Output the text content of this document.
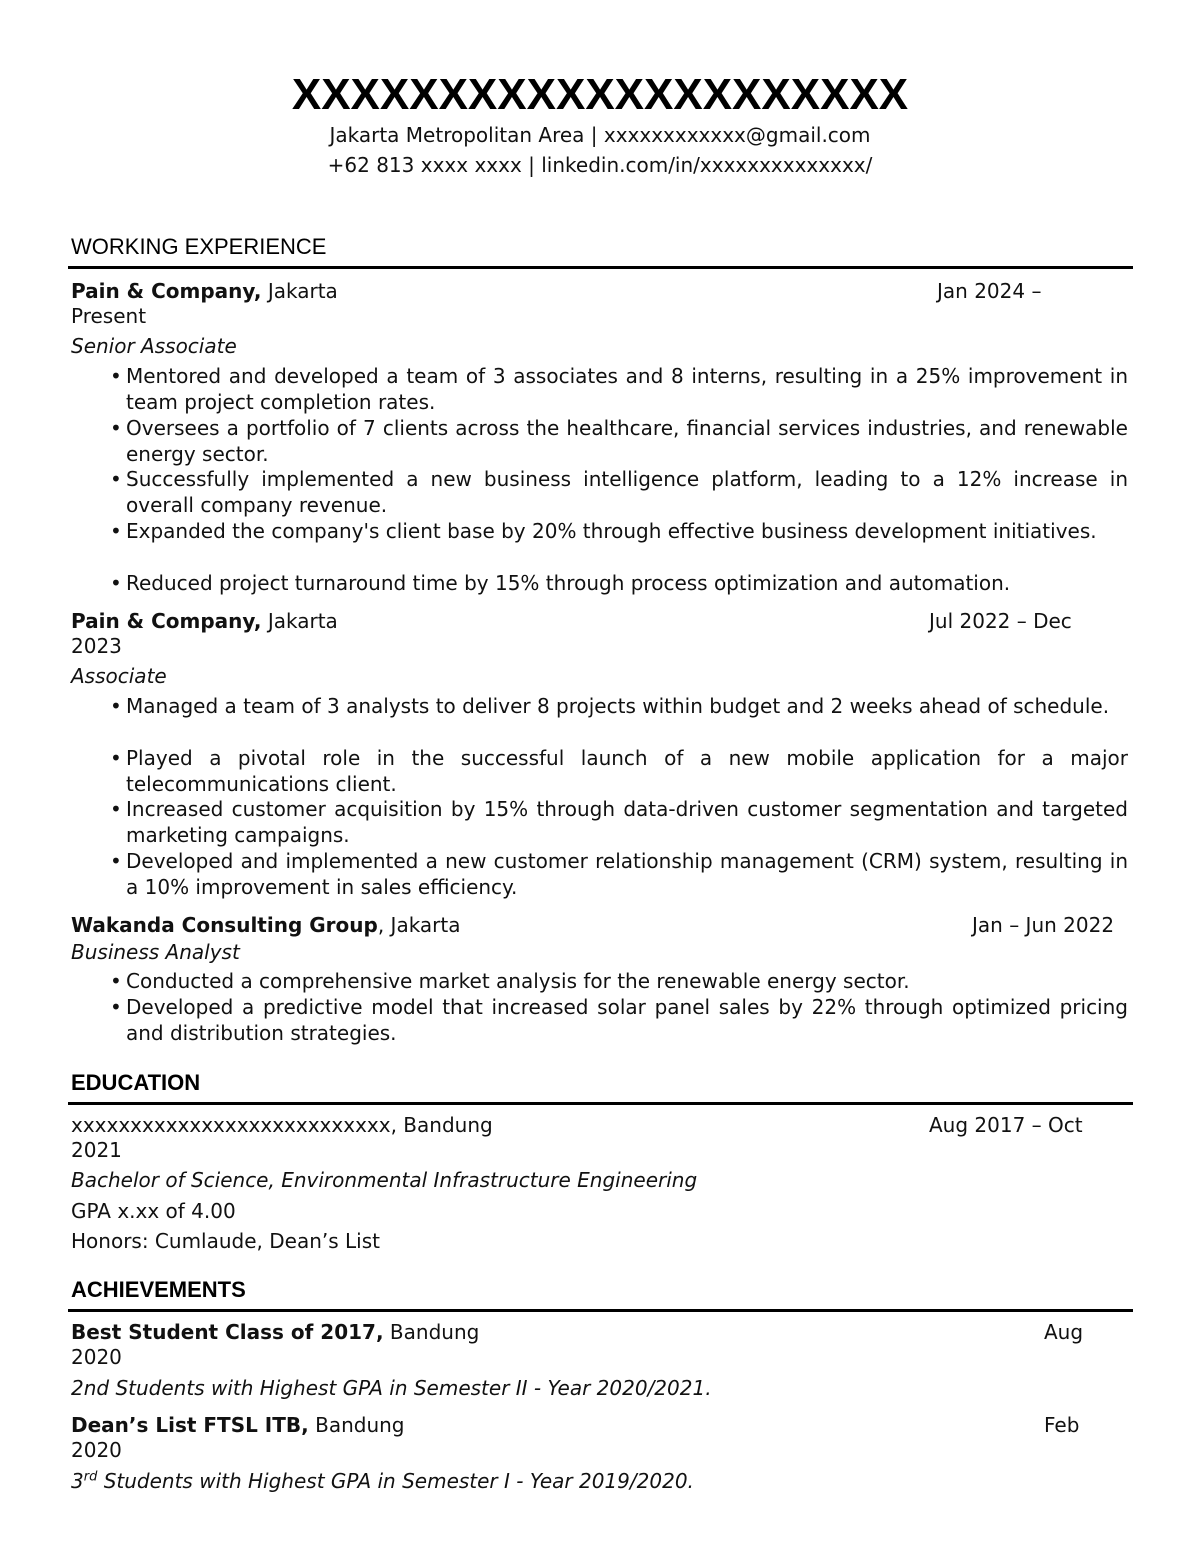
XXXXXXXXXXXXXXXXXXXXX
Jakarta Metropolitan Area | xxxxxxxxxxxx@gmail.com
+62 813 xxxx xxxx | linkedin.com/in/xxxxxxxxxxxxxx/
WORKING EXPERIENCE
Pain & Company, Jakarta	Jan 2024 –
Present
Senior Associate
• Mentored and developed a team of 3 associates and 8 interns, resulting in a 25% improvement in team project completion rates.
• Oversees a portfolio of 7 clients across the healthcare, financial services industries, and renewable energy sector.
• Successfully implemented a new business intelligence platform, leading to a 12% increase in overall company revenue.
• Expanded the company's client base by 20% through effective business development initiatives.
• Reduced project turnaround time by 15% through process optimization and automation.
Pain & Company, Jakarta	Jul 2022 – Dec
2023
Associate
• Managed a team of 3 analysts to deliver 8 projects within budget and 2 weeks ahead of schedule.
• Played a pivotal role in the successful launch of a new mobile application for a major telecommunications client.
• Increased customer acquisition by 15% through data-driven customer segmentation and targeted marketing campaigns.
• Developed and implemented a new customer relationship management (CRM) system, resulting in a 10% improvement in sales efficiency.
Wakanda Consulting Group, Jakarta	Jan – Jun 2022
Business Analyst
• Conducted a comprehensive market analysis for the renewable energy sector.
• Developed a predictive model that increased solar panel sales by 22% through optimized pricing and distribution strategies.
EDUCATION
xxxxxxxxxxxxxxxxxxxxxxxxxxx, Bandung	Aug 2017 – Oct
2021
Bachelor of Science, Environmental Infrastructure Engineering
GPA x.xx of 4.00
Honors: Cumlaude, Dean’s List
ACHIEVEMENTS
Best Student Class of 2017, Bandung	Aug
2020
2nd Students with Highest GPA in Semester II - Year 2020/2021.
Dean’s List FTSL ITB, Bandung	Feb
2020
3rd Students with Highest GPA in Semester I - Year 2019/2020.
